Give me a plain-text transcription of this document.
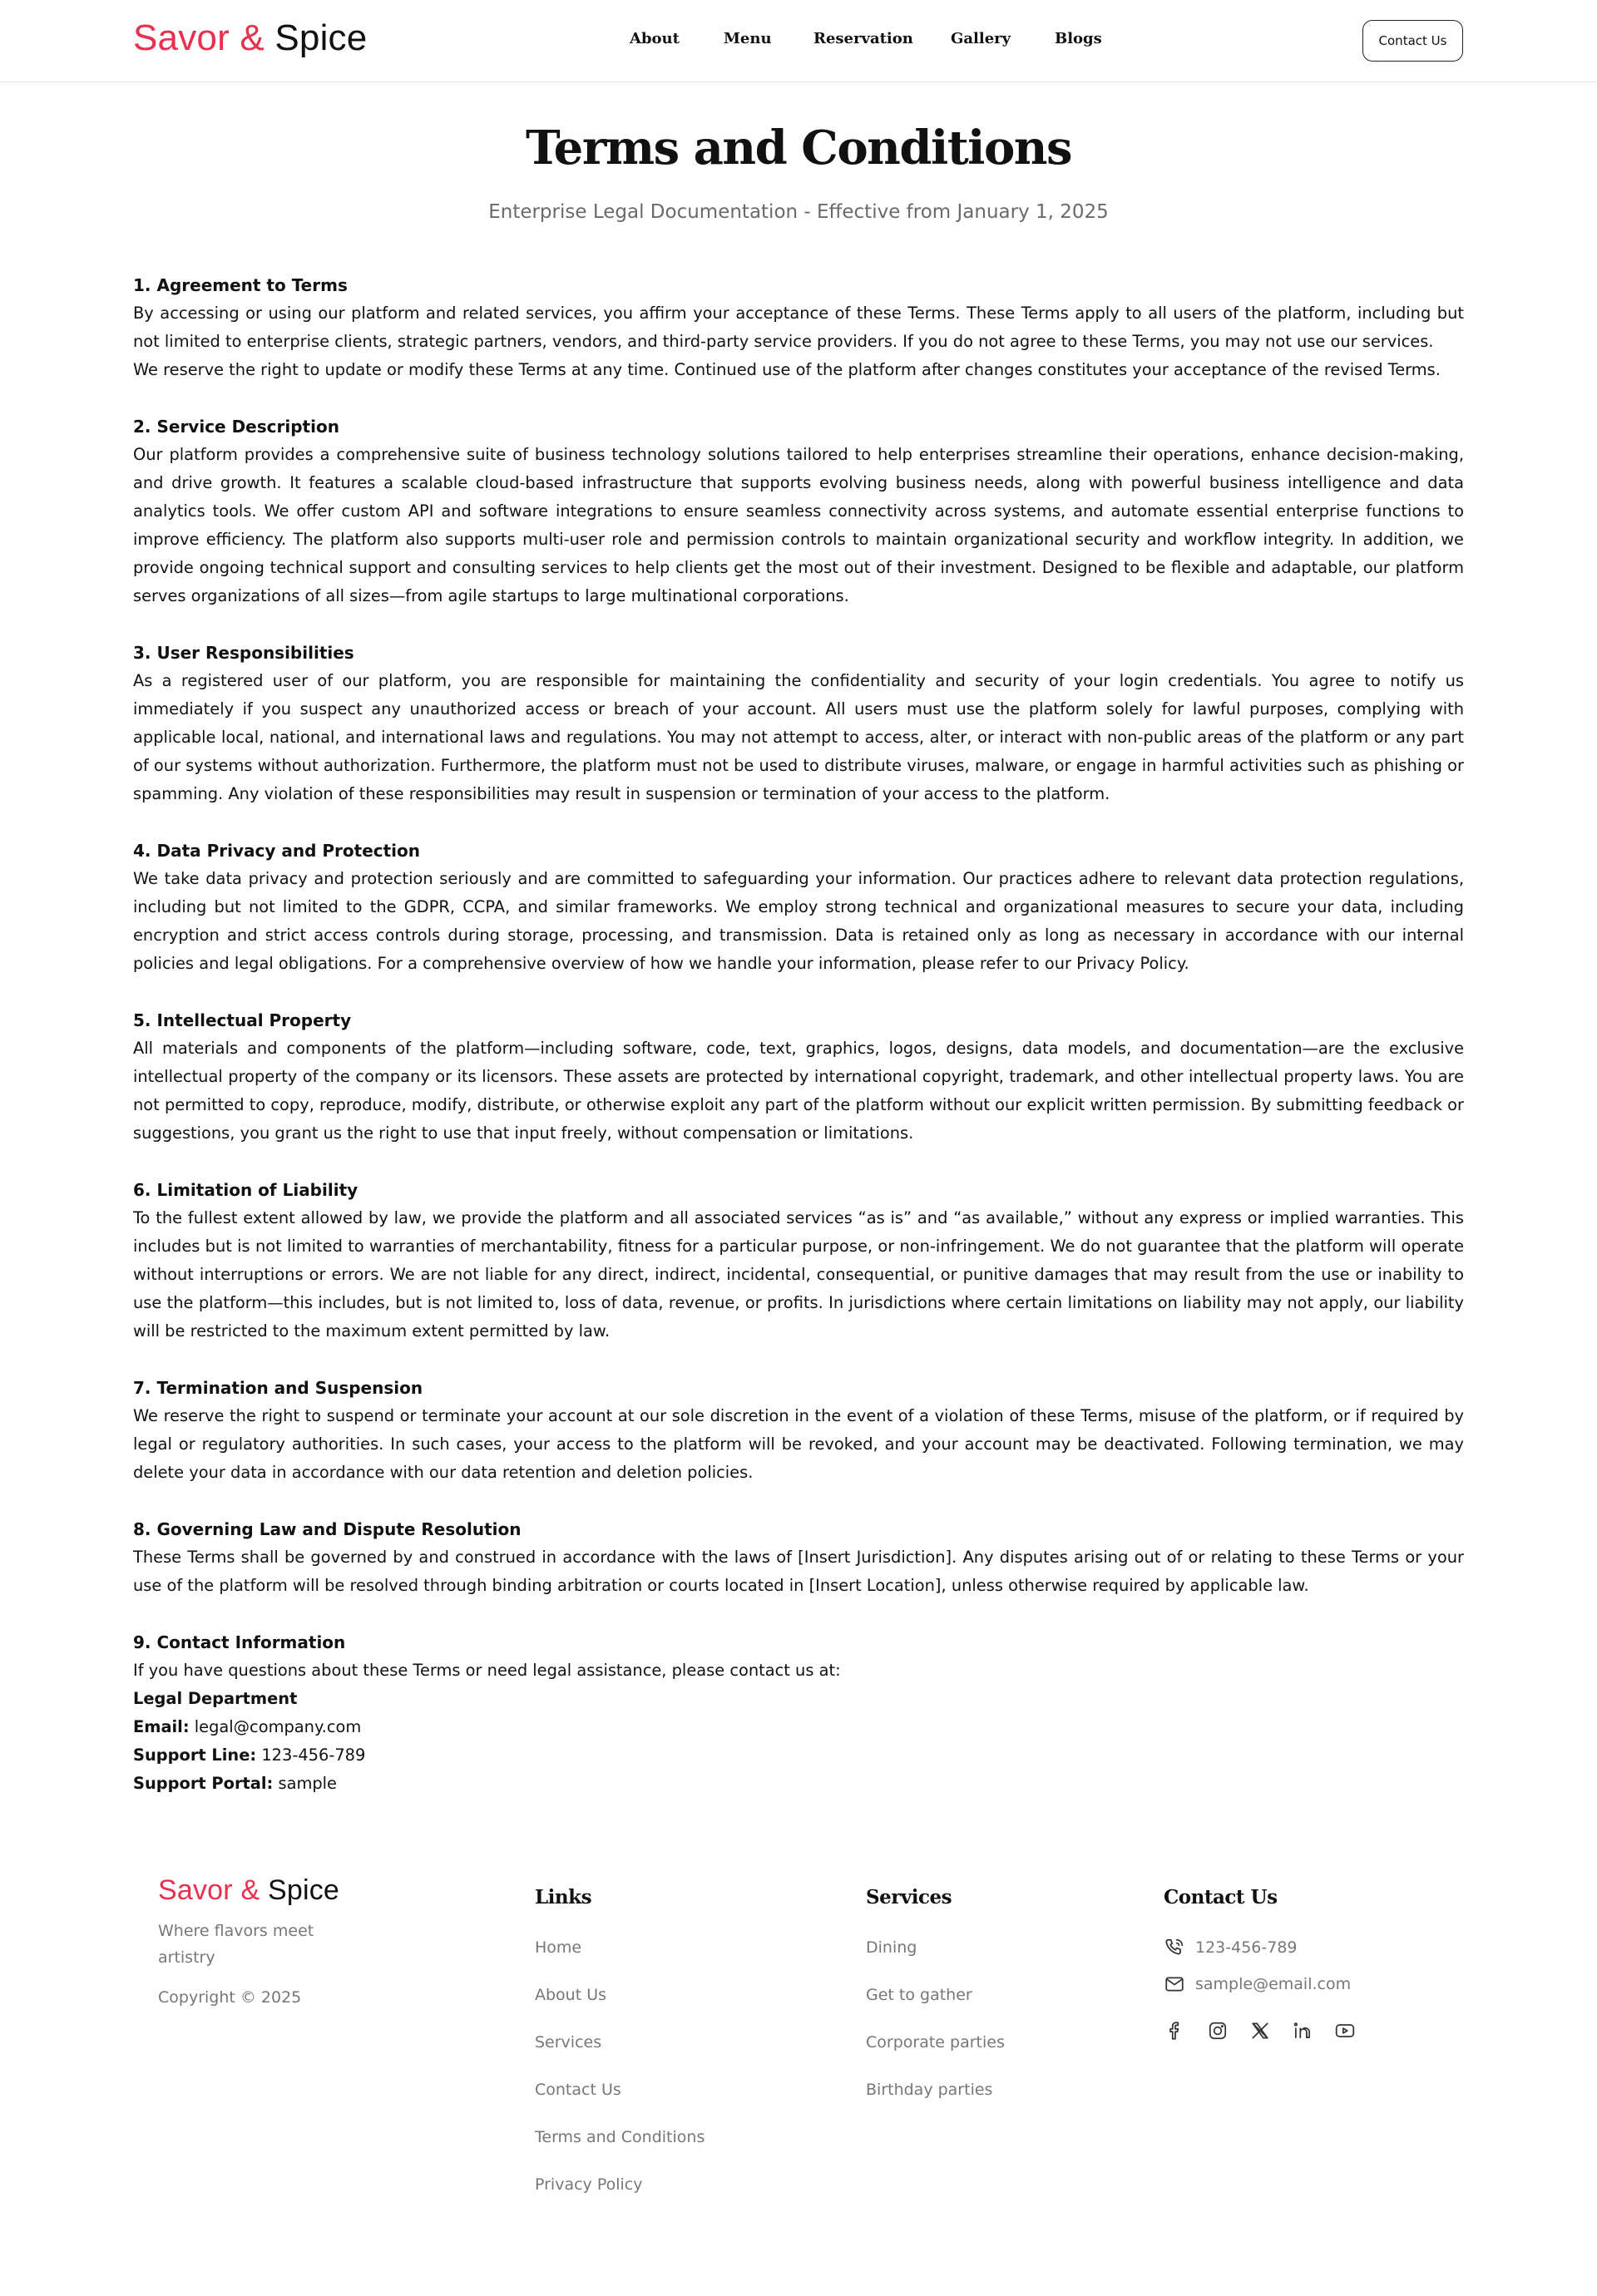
Savor & Spice	About	Menu	Reservation	Gallery	Blogs	Contact Us
Terms and Conditions

Enterprise Legal Documentation - Effective from January 1, 2025

1. Agreement to Terms

By accessing or using our platform and related services, you affirm your acceptance of these Terms. These Terms apply to all users of the platform, including but not limited to enterprise clients, strategic partners, vendors, and third-party service providers. If you do not agree to these Terms, you may not use our services.

We reserve the right to update or modify these Terms at any time. Continued use of the platform after changes constitutes your acceptance of the revised Terms.

2. Service Description

Our platform provides a comprehensive suite of business technology solutions tailored to help enterprises streamline their operations, enhance decision-making, and drive growth. It features a scalable cloud-based infrastructure that supports evolving business needs, along with powerful business intelligence and data analytics tools. We offer custom API and software integrations to ensure seamless connectivity across systems, and automate essential enterprise functions to improve efficiency. The platform also supports multi-user role and permission controls to maintain organizational security and workflow integrity. In addition, we provide ongoing technical support and consulting services to help clients get the most out of their investment. Designed to be flexible and adaptable, our platform serves organizations of all sizes—from agile startups to large multinational corporations.

3. User Responsibilities

As a registered user of our platform, you are responsible for maintaining the confidentiality and security of your login credentials. You agree to notify us immediately if you suspect any unauthorized access or breach of your account. All users must use the platform solely for lawful purposes, complying with applicable local, national, and international laws and regulations. You may not attempt to access, alter, or interact with non-public areas of the platform or any part of our systems without authorization. Furthermore, the platform must not be used to distribute viruses, malware, or engage in harmful activities such as phishing or spamming. Any violation of these responsibilities may result in suspension or termination of your access to the platform.

4. Data Privacy and Protection

We take data privacy and protection seriously and are committed to safeguarding your information. Our practices adhere to relevant data protection regulations, including but not limited to the GDPR, CCPA, and similar frameworks. We employ strong technical and organizational measures to secure your data, including encryption and strict access controls during storage, processing, and transmission. Data is retained only as long as necessary in accordance with our internal policies and legal obligations. For a comprehensive overview of how we handle your information, please refer to our Privacy Policy.

5. Intellectual Property

All materials and components of the platform—including software, code, text, graphics, logos, designs, data models, and documentation—are the exclusive intellectual property of the company or its licensors. These assets are protected by international copyright, trademark, and other intellectual property laws. You are not permitted to copy, reproduce, modify, distribute, or otherwise exploit any part of the platform without our explicit written permission. By submitting feedback or suggestions, you grant us the right to use that input freely, without compensation or limitations.

6. Limitation of Liability

To the fullest extent allowed by law, we provide the platform and all associated services “as is” and “as available,” without any express or implied warranties. This includes but is not limited to warranties of merchantability, fitness for a particular purpose, or non-infringement. We do not guarantee that the platform will operate without interruptions or errors. We are not liable for any direct, indirect, incidental, consequential, or punitive damages that may result from the use or inability to use the platform—this includes, but is not limited to, loss of data, revenue, or profits. In jurisdictions where certain limitations on liability may not apply, our liability will be restricted to the maximum extent permitted by law.

7. Termination and Suspension

We reserve the right to suspend or terminate your account at our sole discretion in the event of a violation of these Terms, misuse of the platform, or if required by legal or regulatory authorities. In such cases, your access to the platform will be revoked, and your account may be deactivated. Following termination, we may delete your data in accordance with our data retention and deletion policies.

8. Governing Law and Dispute Resolution

These Terms shall be governed by and construed in accordance with the laws of [Insert Jurisdiction]. Any disputes arising out of or relating to these Terms or your use of the platform will be resolved through binding arbitration or courts located in [Insert Location], unless otherwise required by applicable law.

9. Contact Information

If you have questions about these Terms or need legal assistance, please contact us at:

Legal Department

Email: legal@company.com

Support Line: 123-456-789

Support Portal: sample

Savor & Spice

Where flavors meet artistry

Copyright © 2025

Links
Home
About Us
Services
Contact Us
Terms and Conditions
Privacy Policy
Services
Dining
Get to gather
Corporate parties
Birthday parties
Contact Us
123-456-789
sample@email.com
